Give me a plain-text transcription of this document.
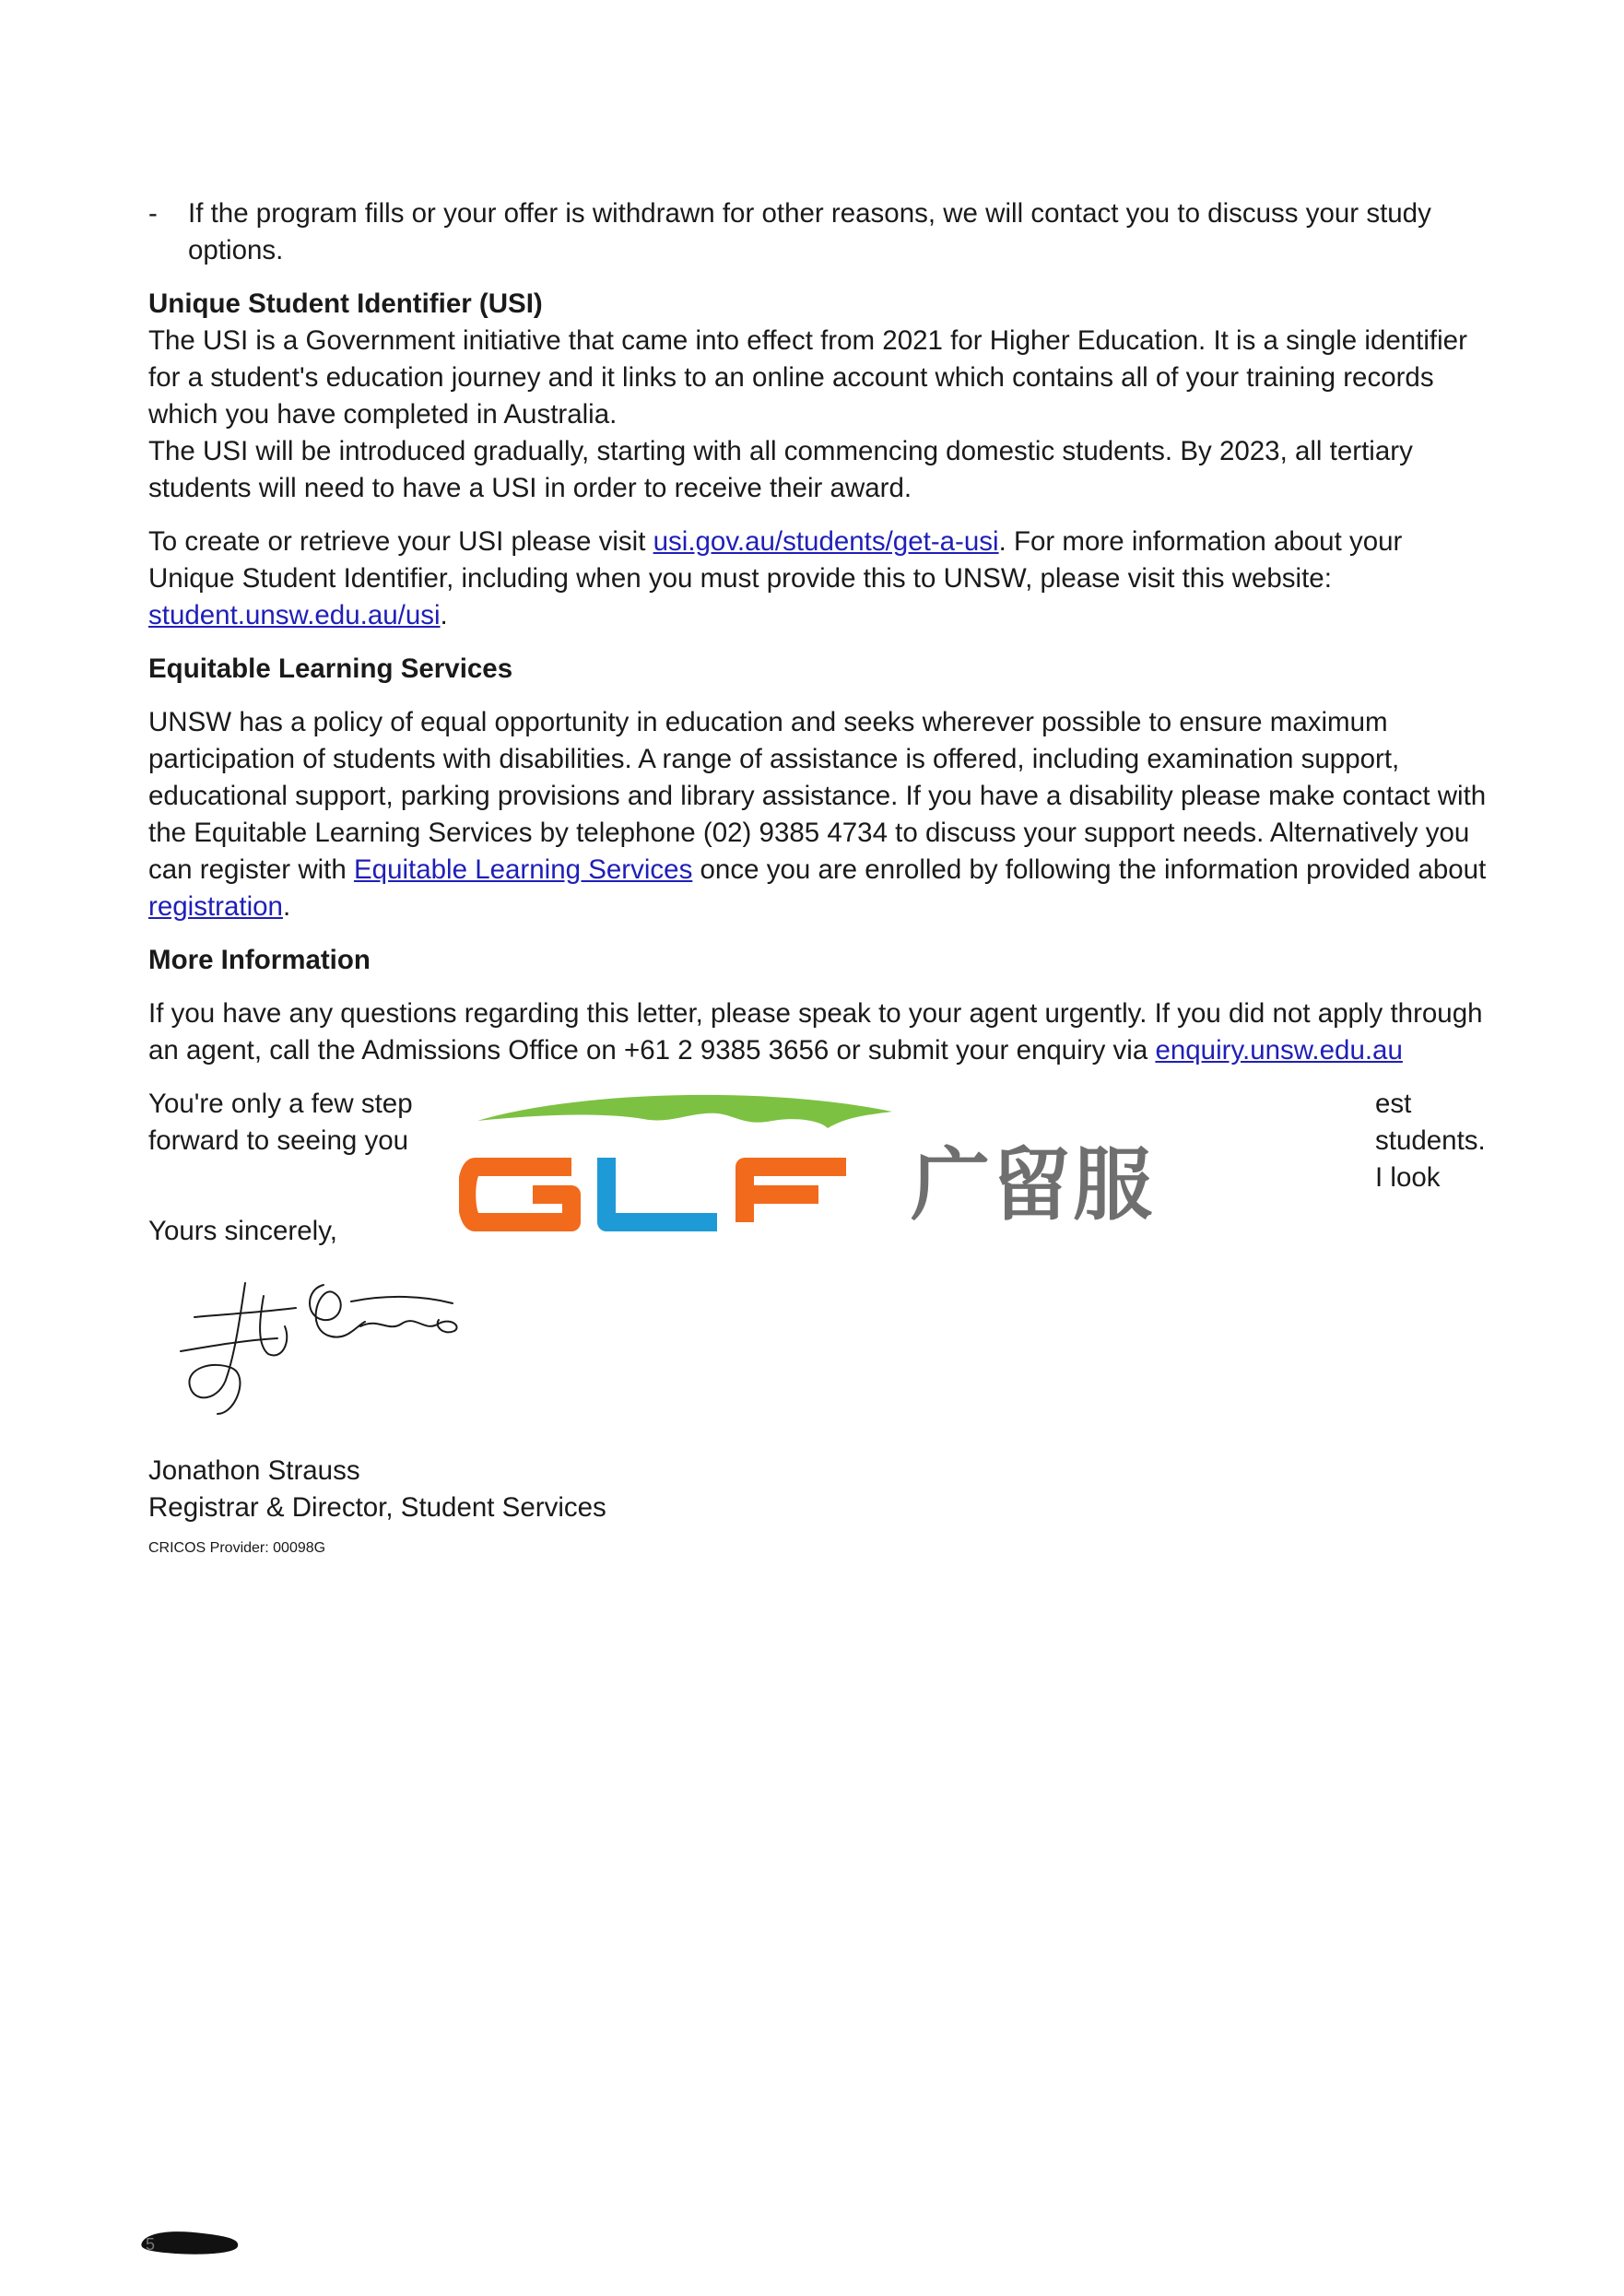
-	If the program fills or your offer is withdrawn for other reasons, we will contact you to discuss your study options.
Unique Student Identifier (USI)

The USI is a Government initiative that came into effect from 2021 for Higher Education. It is a single identifier for a student's education journey and it links to an online account which contains all of your training records which you have completed in Australia.

The USI will be introduced gradually, starting with all commencing domestic students. By 2023, all tertiary students will need to have a USI in order to receive their award.

To create or retrieve your USI please visit usi.gov.au/students/get-a-usi. For more information about your Unique Student Identifier, including when you must provide this to UNSW, please visit this website: student.unsw.edu.au/usi.

Equitable Learning Services

UNSW has a policy of equal opportunity in education and seeks wherever possible to ensure maximum participation of students with disabilities. A range of assistance is offered, including examination support, educational support, parking provisions and library assistance. If you have a disability please make contact with the Equitable Learning Services by telephone (02) 9385 4734 to discuss your support needs. Alternatively you can register with Equitable Learning Services once you are enrolled by following the information provided about registration.

More Information

If you have any questions regarding this letter, please speak to your agent urgently. If you did not apply through an agent, call the Admissions Office on +61 2 9385 3656 or submit your enquiry via enquiry.unsw.edu.au

You're only a few step	est students. I look
forward to seeing you

Yours sincerely,

Jonathon Strauss

Registrar & Director, Student Services

CRICOS Provider: 00098G

广留服
5
